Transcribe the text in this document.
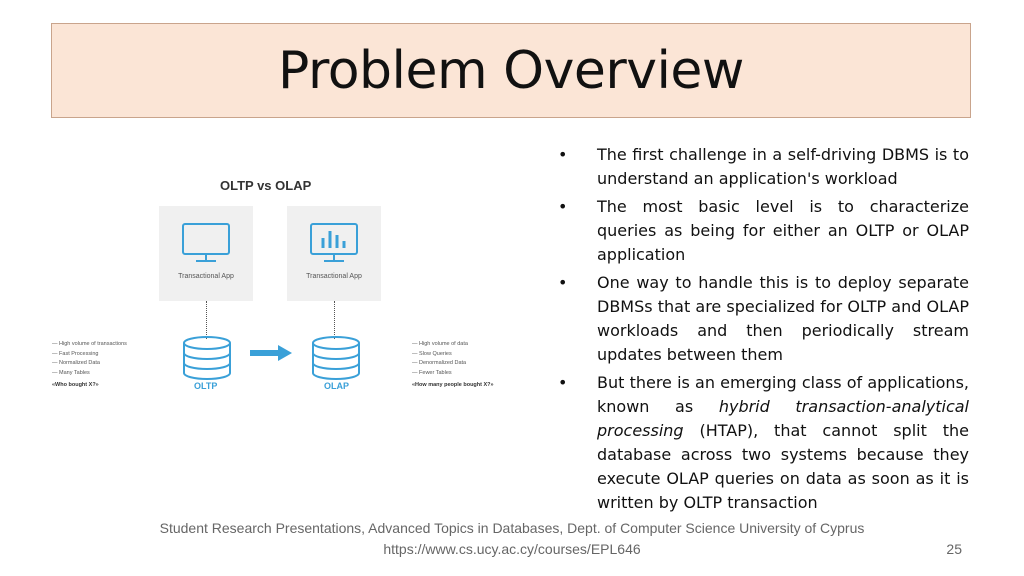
Problem Overview
OLTP vs OLAP
Transactional App	Transactional App
OLTP	OLAP
— High volume of transactions
— Fast Processing
— Normalized Data
— Many Tables
«Who bought X?»
— High volume of data
— Slow Queries
— Denormalized Data
— Fewer Tables
«How many people bought X?»
• The first challenge in a self-driving DBMS is to understand an application's workload
• The most basic level is to characterize queries as being for either an OLTP or OLAP application
• One way to handle this is to deploy separate DBMSs that are specialized for OLTP and OLAP workloads and then periodically stream updates between them
• But there is an emerging class of applications, known as hybrid transaction-analytical processing (HTAP), that cannot split the database across two systems because they execute OLAP queries on data as soon as it is written by OLTP transaction
Student Research Presentations, Advanced Topics in Databases, Dept. of Computer Science University of Cyprus
https://www.cs.ucy.ac.cy/courses/EPL646	25
